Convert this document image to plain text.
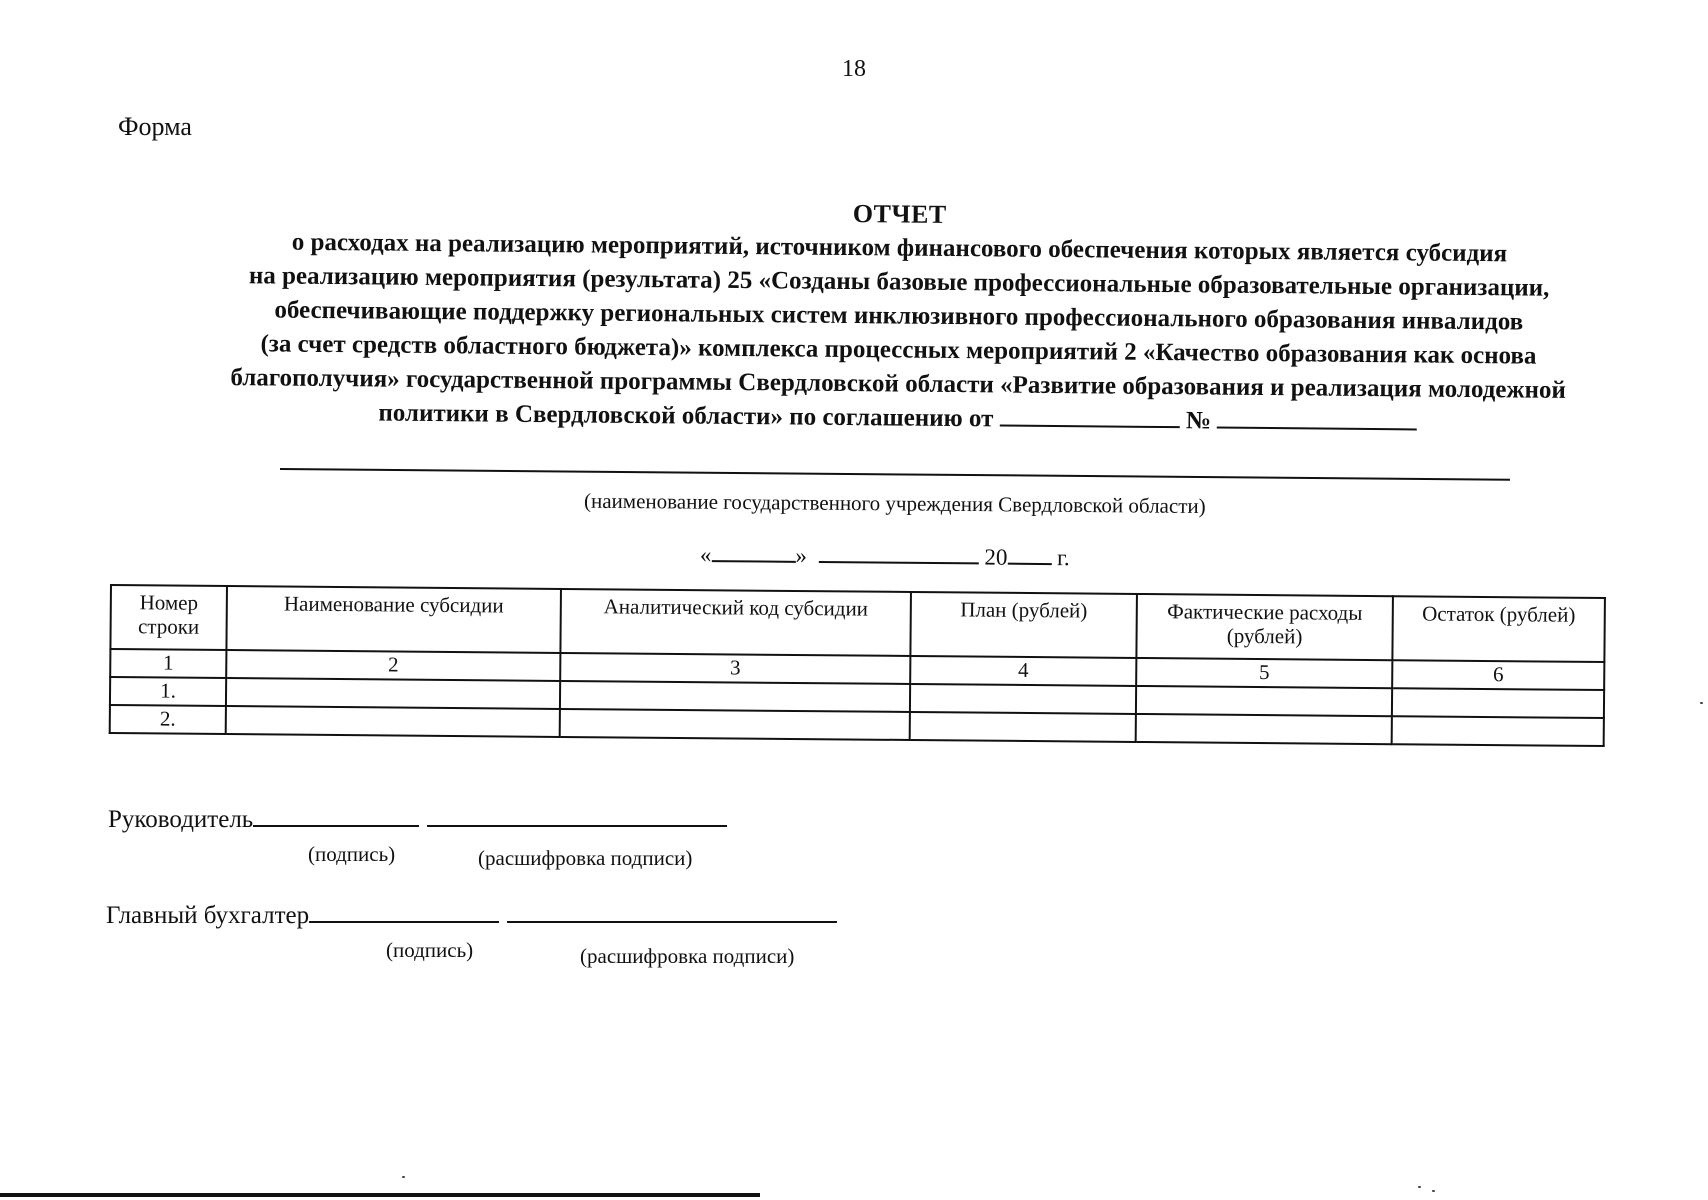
18
Форма
ОТЧЕТ
о расходах на реализацию мероприятий, источником финансового обеспечения которых является субсидия
на реализацию мероприятия (результата) 25 «Созданы базовые профессиональные образовательные организации,
обеспечивающие поддержку региональных систем инклюзивного профессионального образования инвалидов
(за счет средств областного бюджета)» комплекса процессных мероприятий 2 «Качество образования как основа
благополучия» государственной программы Свердловской области «Развитие образования и реализация молодежной
политики в Свердловской области» по соглашению от	№
(наименование государственного учреждения Свердловской области)
«	»	20 г.
Номер строки	Наименование субсидии	Аналитический код субсидии	План (рублей)	Фактические расходы (рублей)	Остаток (рублей)
1	2	3	4	5	6
1.					
2.					
Руководитель
(подпись)	(расшифровка подписи)
Главный бухгалтер
(подпись)	(расшифровка подписи)
